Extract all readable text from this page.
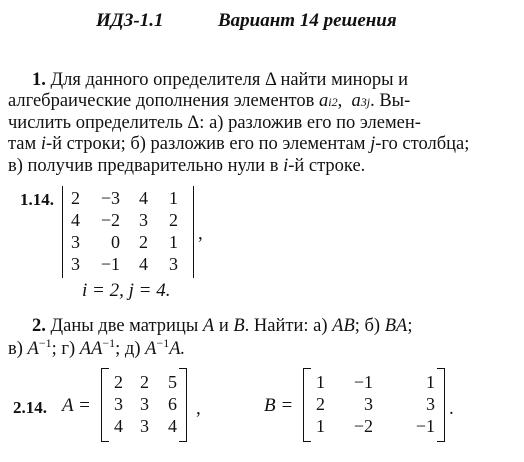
ИДЗ-1.1	Вариант 14 решения
1. Для данного определителя Δ найти миноры и
алгебраические дополнения элементов ai2,  a3j. Вы-
числить определитель Δ: а) разложив его по элемен-
там i-й строки; б) разложив его по элементам j-го столбца;
в) получив предварительно нули в i-й строке.
1.14. 2	−3	4	1
4	−2	3	2
3	0	2	1
3	−1	4	3
,
i = 2, j = 4.
2. Даны две матрицы A и B. Найти: а) AB; б) BA;
в) $A^{-1}$; г) $AA^{-1}$; д) $A^{-1}A$.
2.14. A =
2	2	5
3	3	6
4	3	4
,	B =
1	−1	1
2	3	3
1	−2	−1
.
